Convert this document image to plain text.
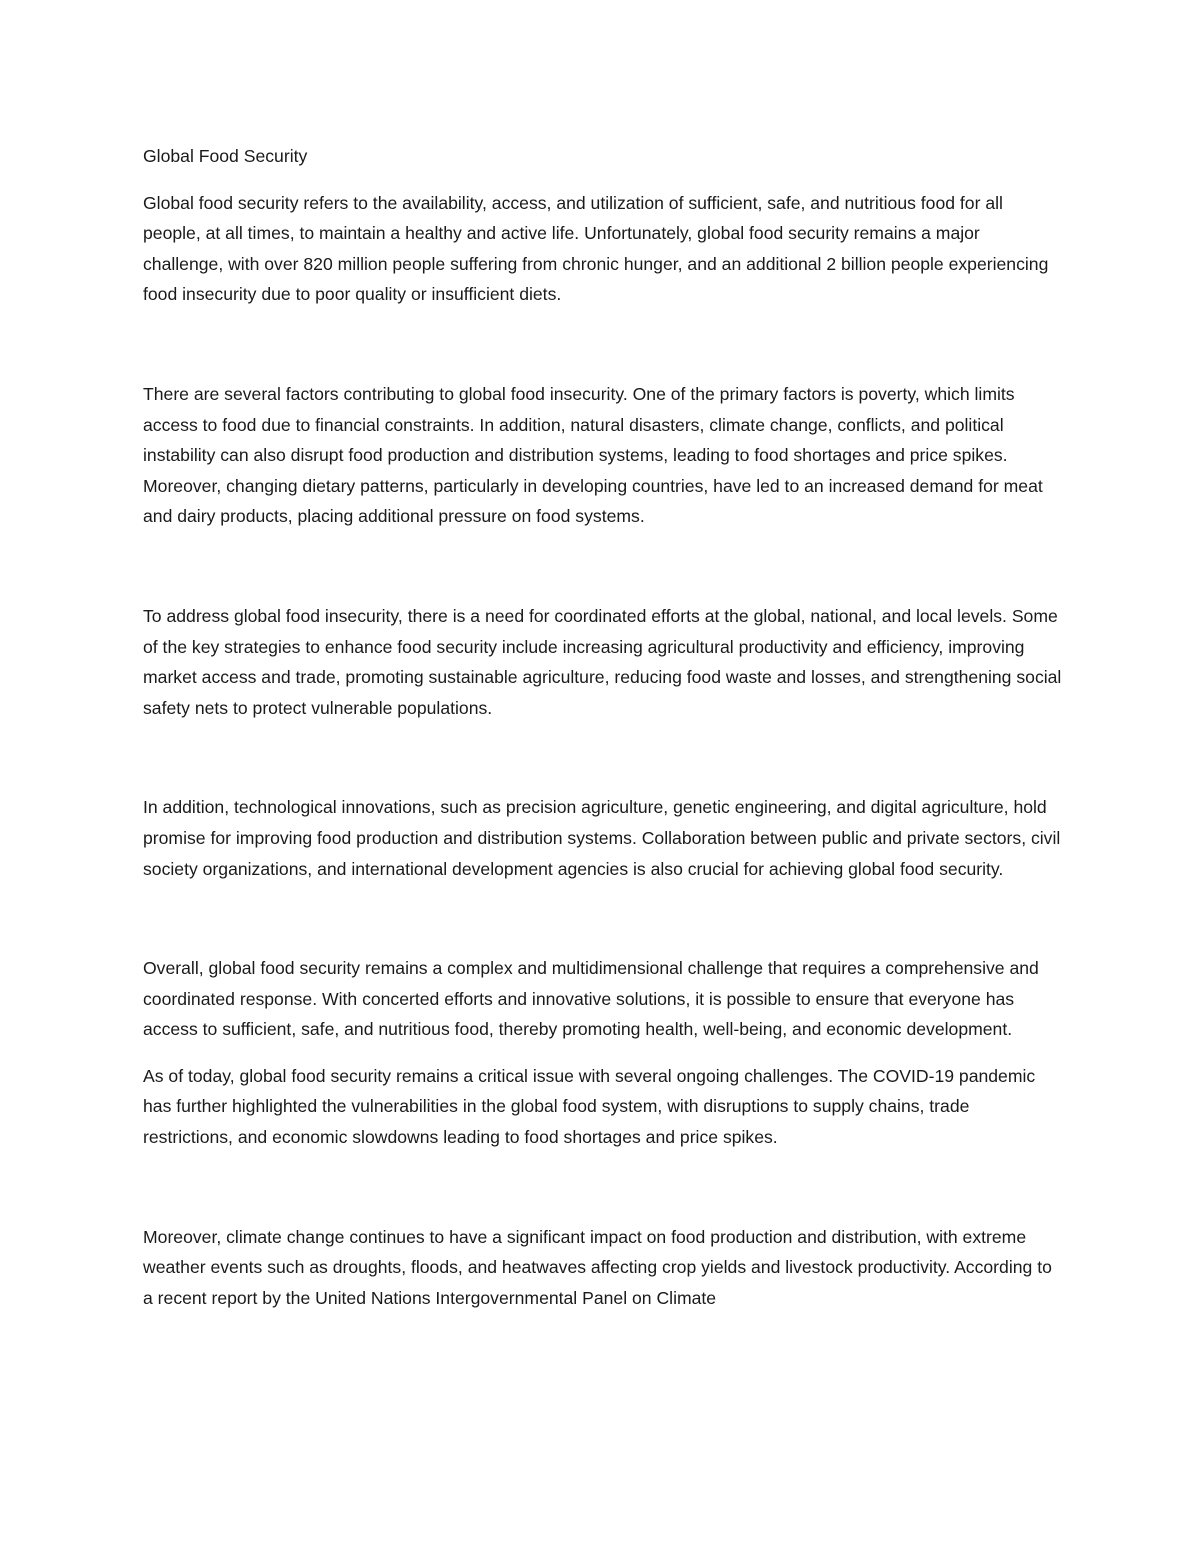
Global Food Security

Global food security refers to the availability, access, and utilization of sufficient, safe, and nutritious food for all people, at all times, to maintain a healthy and active life. Unfortunately, global food security remains a major challenge, with over 820 million people suffering from chronic hunger, and an additional 2 billion people experiencing food insecurity due to poor quality or insufficient diets.

There are several factors contributing to global food insecurity. One of the primary factors is poverty, which limits access to food due to financial constraints. In addition, natural disasters, climate change, conflicts, and political instability can also disrupt food production and distribution systems, leading to food shortages and price spikes. Moreover, changing dietary patterns, particularly in developing countries, have led to an increased demand for meat and dairy products, placing additional pressure on food systems.

To address global food insecurity, there is a need for coordinated efforts at the global, national, and local levels. Some of the key strategies to enhance food security include increasing agricultural productivity and efficiency, improving market access and trade, promoting sustainable agriculture, reducing food waste and losses, and strengthening social safety nets to protect vulnerable populations.

In addition, technological innovations, such as precision agriculture, genetic engineering, and digital agriculture, hold promise for improving food production and distribution systems. Collaboration between public and private sectors, civil society organizations, and international development agencies is also crucial for achieving global food security.

Overall, global food security remains a complex and multidimensional challenge that requires a comprehensive and coordinated response. With concerted efforts and innovative solutions, it is possible to ensure that everyone has access to sufficient, safe, and nutritious food, thereby promoting health, well-being, and economic development.

As of today, global food security remains a critical issue with several ongoing challenges. The COVID-19 pandemic has further highlighted the vulnerabilities in the global food system, with disruptions to supply chains, trade restrictions, and economic slowdowns leading to food shortages and price spikes.

Moreover, climate change continues to have a significant impact on food production and distribution, with extreme weather events such as droughts, floods, and heatwaves affecting crop yields and livestock productivity. According to a recent report by the United Nations Intergovernmental Panel on Climate
